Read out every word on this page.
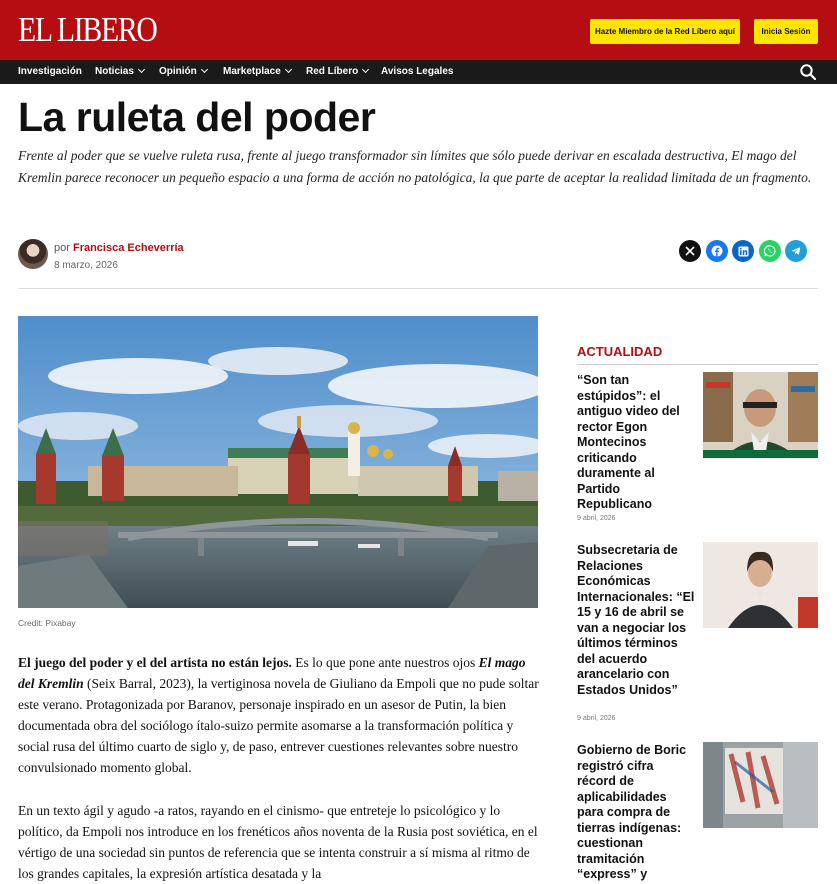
EL LIBERO	Hazte Miembro de la Red Líbero aquí	Inicia Sesión
Investigación Noticias	Opinión	Marketplace	Red Líbero	Avisos Legales
La ruleta del poder

Frente al poder que se vuelve ruleta rusa, frente al juego transformador sin límites que sólo puede derivar en escalada destructiva, El mago del Kremlin parece reconocer un pequeño espacio a una forma de acción no patológica, la que parte de aceptar la realidad limitada de un fragmento.

por Francisca Echeverría
8 marzo, 2026
Credit: Pixabay
El juego del poder y el del artista no están lejos. Es lo que pone ante nuestros ojos El mago del Kremlin (Seix Barral, 2023), la vertiginosa novela de Giuliano da Empoli que no pude soltar este verano. Protagonizada por Baranov, personaje inspirado en un asesor de Putin, la bien documentada obra del sociólogo ítalo-suizo permite asomarse a la transformación política y social rusa del último cuarto de siglo y, de paso, entrever cuestiones relevantes sobre nuestro convulsionado momento global.
En un texto ágil y agudo -a ratos, rayando en el cinismo- que entreteje lo psicológico y lo político, da Empoli nos introduce en los frenéticos años noventa de la Rusia post soviética, en el vértigo de una sociedad sin puntos de referencia que se intenta construir a sí misma al ritmo de los grandes capitales, la expresión artística desatada y la
ACTUALIDAD
“Son tan estúpidos”: el antiguo video del rector Egon Montecinos criticando duramente al Partido Republicano
9 abril, 2026
Subsecretaria de Relaciones Económicas Internacionales: “El 15 y 16 de abril se van a negociar los últimos términos del acuerdo arancelario con Estados Unidos”
9 abril, 2026
Gobierno de Boric registró cifra récord de aplicabilidades para compra de tierras indígenas: cuestionan tramitación “express” y
